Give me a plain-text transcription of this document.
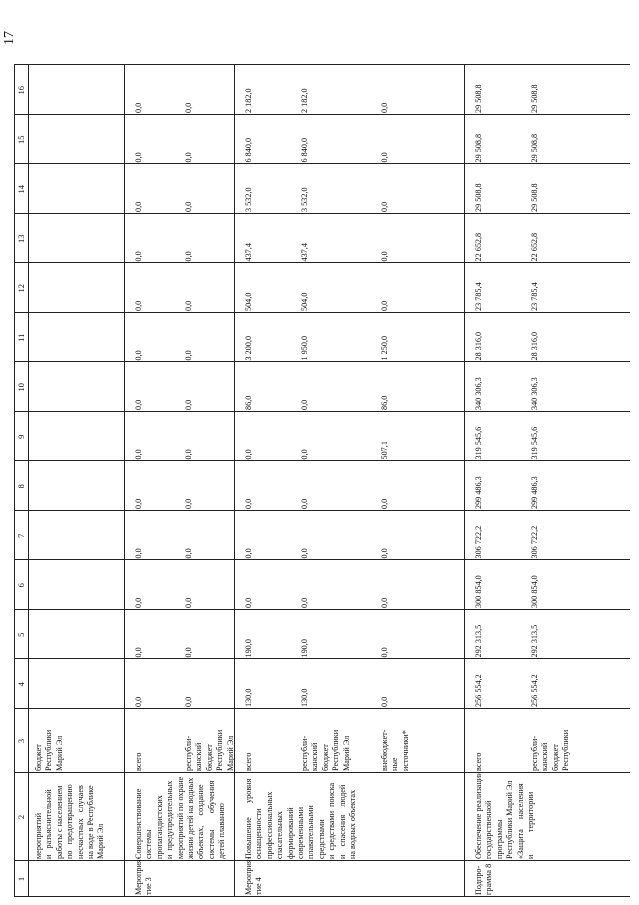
17
1
2
3
4
5
6
7
8
9
10
11
12
13
14
15
16
мероприятий
и   разъяснительной
работы с населением
по   предотвращению
несчастных   случаев
на воде в Республике
Марий Эл
бюджет
Республики
Марий Эл
Мероприя-
тие 3
Совершенствование
системы
пропагандистских
и  предупредительных
мероприятий по охране
жизни детей на водных
объектах,     создание
системы        обучения
детей плаванию
всего
0,0
0,0
0,0
0,0
0,0
0,0
0,0
0,0
0,0
0,0
0,0
0,0
0,0
республи-
канский
бюджет
Республики
Марий Эл
0,0
0,0
0,0
0,0
0,0
0,0
0,0
0,0
0,0
0,0
0,0
0,0
0,0
Мероприя-
тие 4
Повышение       уровня
оснащенности
профессиональных
спасательных
формирований
современными
плавательными
средствами
и  средствами  поиска
и    спасения    людей
на водных объектах
всего
130,0
190,0
0,0
0,0
0,0
0,0
86,0
3 200,0
504,0
437,4
3 532,0
6 840,0
2 182,0
республи-
канский
бюджет
Республики
Марий Эл
130,0
190,0
0,0
0,0
0,0
0,0
0,0
1 950,0
504,0
437,4
3 532,0
6 840,0
2 182,0
внебюджет-
ные
источники*
0,0
0,0
0,0
0,0
0,0
507,1
86,0
1 250,0
0,0
0,0
0,0
0,0
0,0
Подпро-
грамма 8
Обеспечение реализации
государственной
программы
Республики Марий Эл
«Защита     населения
и           территории
всего
256 554,2
292 313,5
300 854,0
306 722,2
299 486,3
319 545,6
340 306,3
28 316,0
23 785,4
22 652,8
29 508,8
29 508,8
29 508,8
республи-
канский
бюджет
Республики
256 554,2
292 313,5
300 854,0
306 722,2
299 486,3
319 545,6
340 306,3
28 316,0
23 785,4
22 652,8
29 508,8
29 508,8
29 508,8
